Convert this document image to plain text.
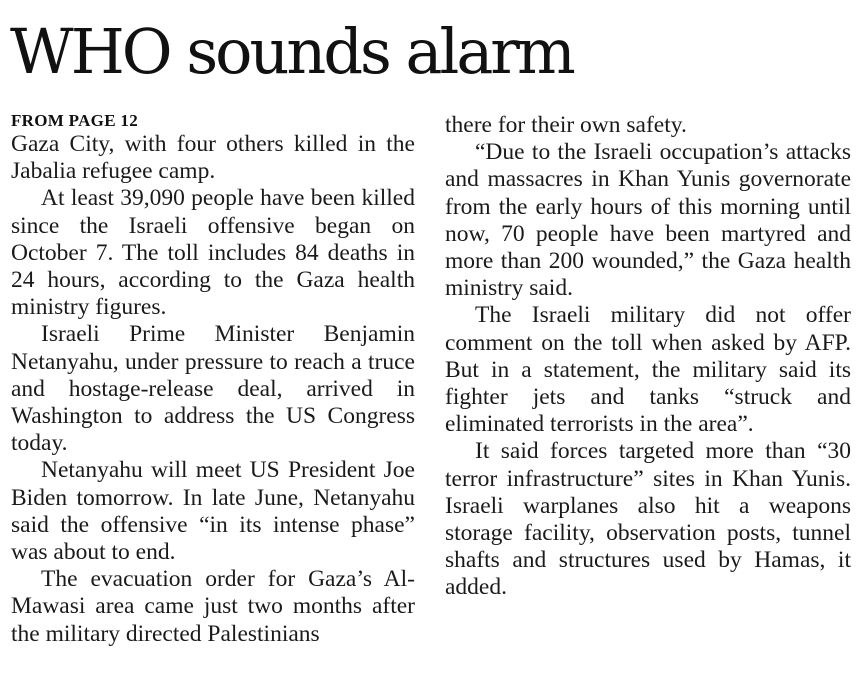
WHO sounds alarm

FROM PAGE 12

Gaza City, with four others killed in the Jabalia refugee camp.

At least 39,090 people have been killed since the Israeli offensive began on October 7. The toll includes 84 deaths in 24 hours, according to the Gaza health ministry figures.

Israeli Prime Minister Benjamin Netanyahu, under pressure to reach a truce and hostage-release deal, arrived in Washington to address the US Congress today.

Netanyahu will meet US President Joe Biden tomorrow. In late June, Netanyahu said the offensive “in its intense phase” was about to end.

The evacuation order for Gaza’s Al-Mawasi area came just two months after the military directed Palestinians

there for their own safety.

“Due to the Israeli occupation’s attacks and massacres in Khan Yunis governorate from the early hours of this morning until now, 70 people have been martyred and more than 200 wounded,” the Gaza health ministry said.

The Israeli military did not offer comment on the toll when asked by AFP. But in a statement, the military said its fighter jets and tanks “struck and eliminated terrorists in the area”.

It said forces targeted more than “30 terror infrastructure” sites in Khan Yunis. Israeli warplanes also hit a weapons storage facility, observation posts, tunnel shafts and structures used by Hamas, it added.
